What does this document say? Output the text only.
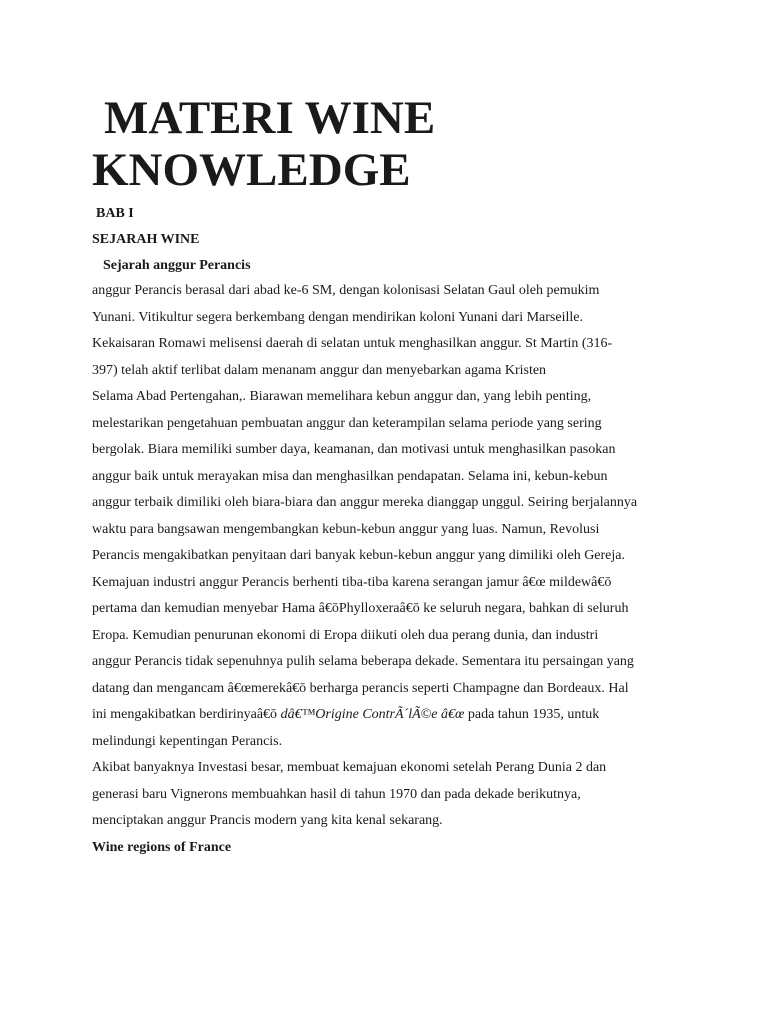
MATERI WINE
KNOWLEDGE
BAB I
SEJARAH WINE
Sejarah anggur Perancis
anggur Perancis berasal dari abad ke-6 SM, dengan kolonisasi Selatan Gaul oleh pemukim
Yunani. Vitikultur segera berkembang dengan mendirikan koloni Yunani dari Marseille.
Kekaisaran Romawi melisensi daerah di selatan untuk menghasilkan anggur. St Martin (316-
397) telah aktif terlibat dalam menanam anggur dan menyebarkan agama Kristen
Selama Abad Pertengahan,. Biarawan memelihara kebun anggur dan, yang lebih penting,
melestarikan pengetahuan pembuatan anggur dan keterampilan selama periode yang sering
bergolak. Biara memiliki sumber daya, keamanan, dan motivasi untuk menghasilkan pasokan
anggur baik untuk merayakan misa dan menghasilkan pendapatan. Selama ini, kebun-kebun
anggur terbaik dimiliki oleh biara-biara dan anggur mereka dianggap unggul. Seiring berjalannya
waktu para bangsawan mengembangkan kebun-kebun anggur yang luas. Namun, Revolusi
Perancis mengakibatkan penyitaan dari banyak kebun-kebun anggur yang dimiliki oleh Gereja.
Kemajuan industri anggur Perancis berhenti tiba-tiba karena serangan jamur â€œ mildewâ€ō
pertama dan kemudian menyebar Hama â€ōPhylloxeraâ€ō ke seluruh negara, bahkan di seluruh
Eropa. Kemudian penurunan ekonomi di Eropa diikuti oleh dua perang dunia, dan industri
anggur Perancis tidak sepenuhnya pulih selama beberapa dekade. Sementara itu persaingan yang
datang dan mengancam â€œmerekâ€ō berharga perancis seperti Champagne dan Bordeaux. Hal
ini mengakibatkan berdirinyaâ€ō dâ€™Origine ContrÃ´lÃ©e â€œ pada tahun 1935, untuk
melindungi kepentingan Perancis.
Akibat banyaknya Investasi besar, membuat kemajuan ekonomi setelah Perang Dunia 2 dan
generasi baru Vignerons membuahkan hasil di tahun 1970 dan pada dekade berikutnya,
menciptakan anggur Prancis modern yang kita kenal sekarang.
Wine regions of France
